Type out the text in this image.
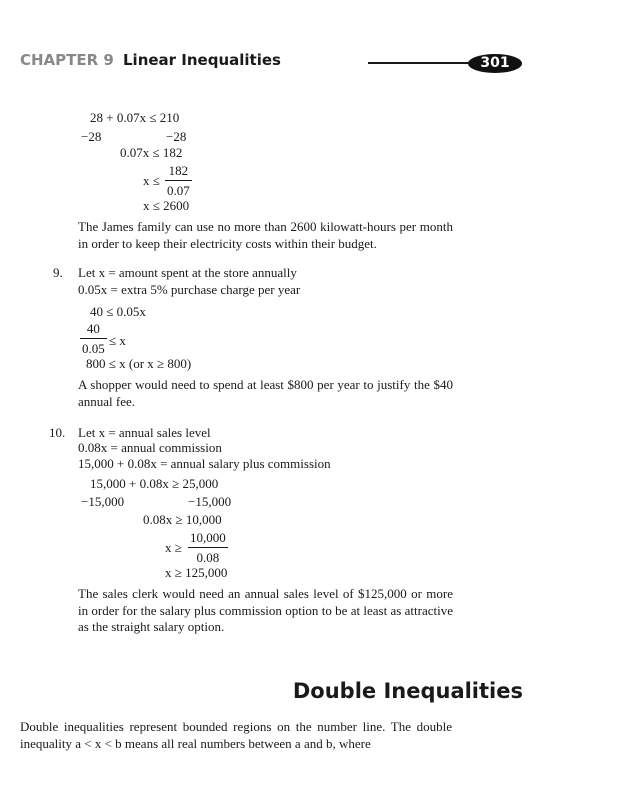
CHAPTER 9 Linear Inequalities	301
28 + 0.07x ≤ 210
−28	−28
0.07x ≤ 182
$x \le \frac{182}{0.07}$
x ≤ 2600
The James family can use no more than 2600 kilowatt-hours per month in order to keep their electricity costs within their budget.
9. Let x = amount spent at the store annually
0.05x = extra 5% purchase charge per year
40 ≤ 0.05x
$\frac{40}{0.05} \le x$
800 ≤ x (or x ≥ 800)
A shopper would need to spend at least $800 per year to justify the $40 annual fee.
10. Let x = annual sales level
0.08x = annual commission
15,000 + 0.08x = annual salary plus commission
15,000 + 0.08x ≥ 25,000
−15,000	−15,000
0.08x ≥ 10,000
$x \ge \frac{10,000}{0.08}$
x ≥ 125,000
The sales clerk would need an annual sales level of $125,000 or more in order for the salary plus commission option to be at least as attractive as the straight salary option.
Double Inequalities
Double inequalities represent bounded regions on the number line. The double inequality a < x < b means all real numbers between a and b, where
